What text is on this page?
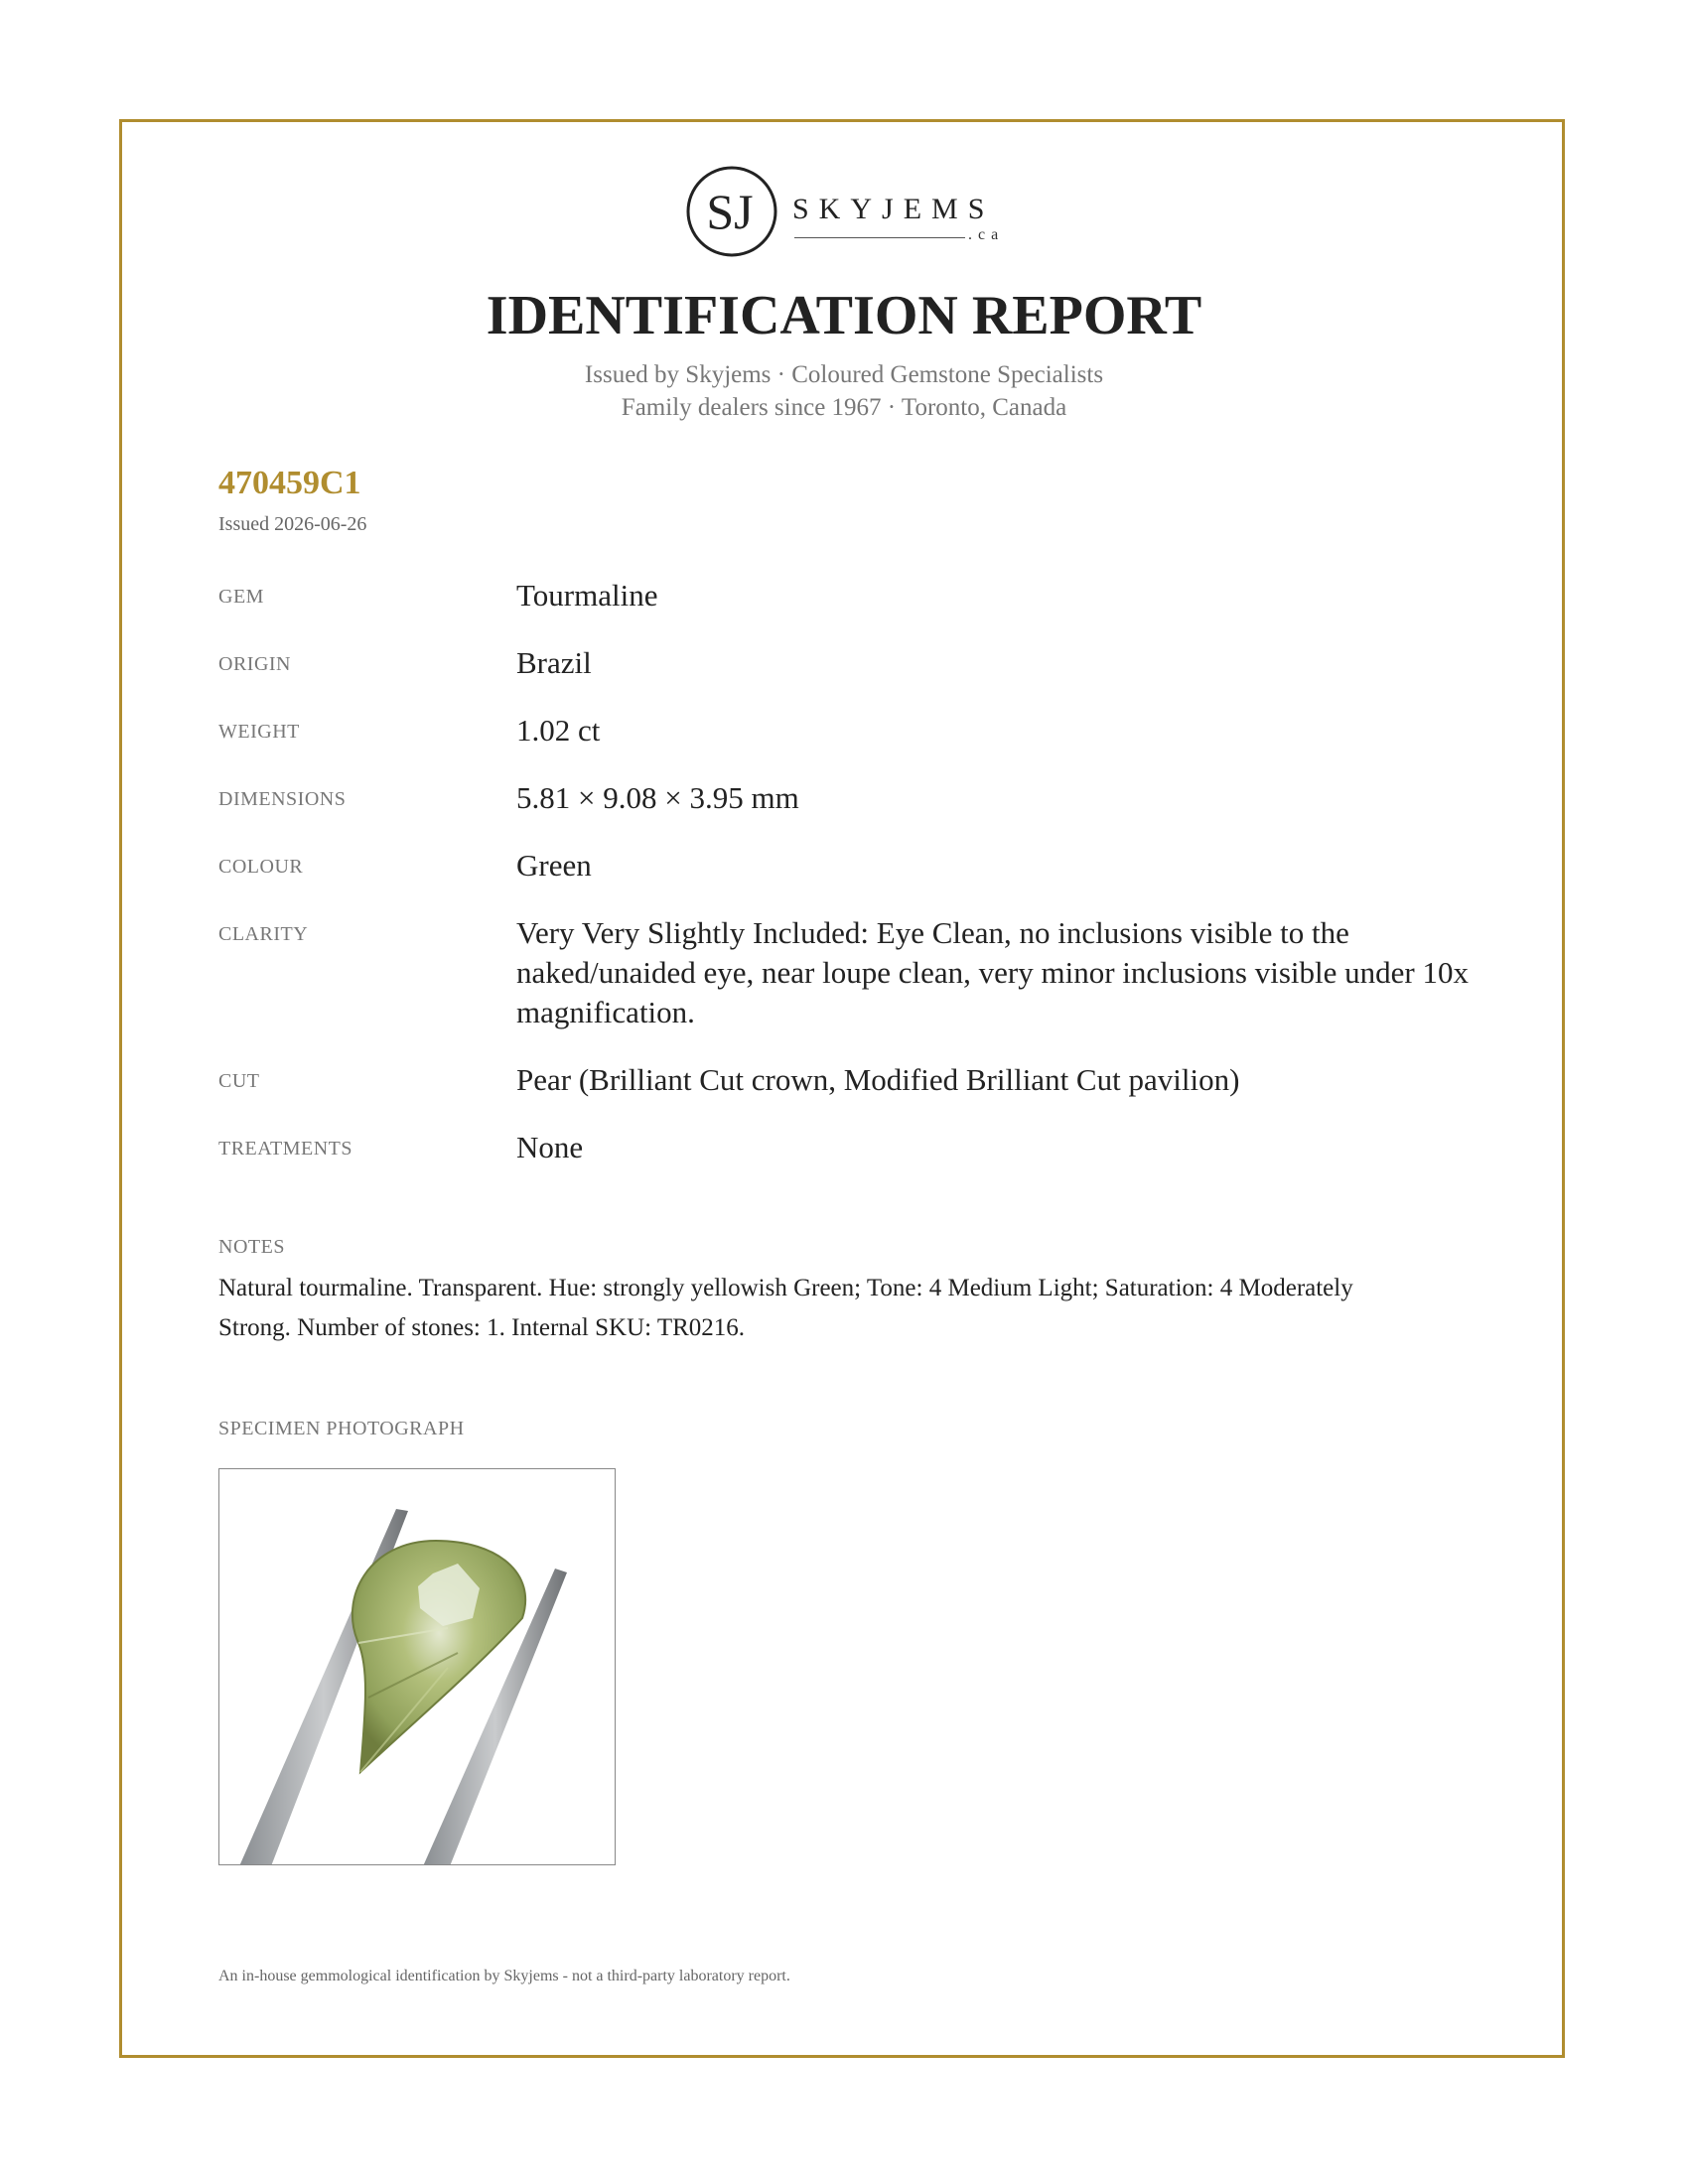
SJ SKYJEMS
.ca
IDENTIFICATION REPORT
Issued by Skyjems · Coloured Gemstone Specialists
Family dealers since 1967 · Toronto, Canada
470459C1
Issued 2026-06-26
GEM	Tourmaline
ORIGIN	Brazil
WEIGHT	1.02 ct
DIMENSIONS	5.81 × 9.08 × 3.95 mm
COLOUR	Green
CLARITY	Very Very Slightly Included: Eye Clean, no inclusions visible to the naked/unaided eye, near loupe clean, very minor inclusions visible under 10x magnification.
CUT	Pear (Brilliant Cut crown, Modified Brilliant Cut pavilion)
TREATMENTS	None
NOTES
Natural tourmaline. Transparent. Hue: strongly yellowish Green; Tone: 4 Medium Light; Saturation: 4 Moderately Strong. Number of stones: 1. Internal SKU: TR0216.
SPECIMEN PHOTOGRAPH
An in-house gemmological identification by Skyjems - not a third-party laboratory report.
